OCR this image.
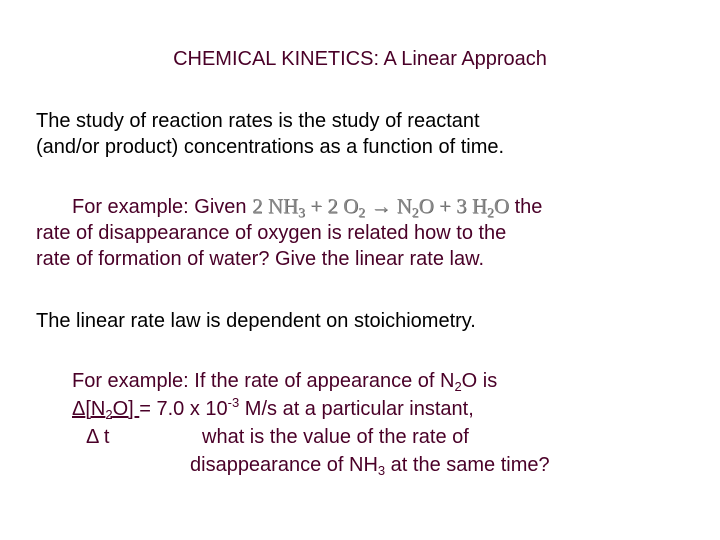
CHEMICAL KINETICS: A Linear Approach

The study of reaction rates is the study of reactant
(and/or product) concentrations as a function of time.

For example: Given 2 $NH_3 + 2$ $O_2 \to N_2O + 3$ $H_2O$ the
rate of disappearance of oxygen is related how to the
rate of formation of water? Give the linear rate law.

The linear rate law is dependent on stoichiometry.

For example: If the rate of appearance of $N_2O$ is
$\Delta[N_2O] = 7.0$ x $10^{-3}$ M/s at a particular instant,
Δ t	what is the value of the rate of
disappearance of $NH_3$ at the same time?
